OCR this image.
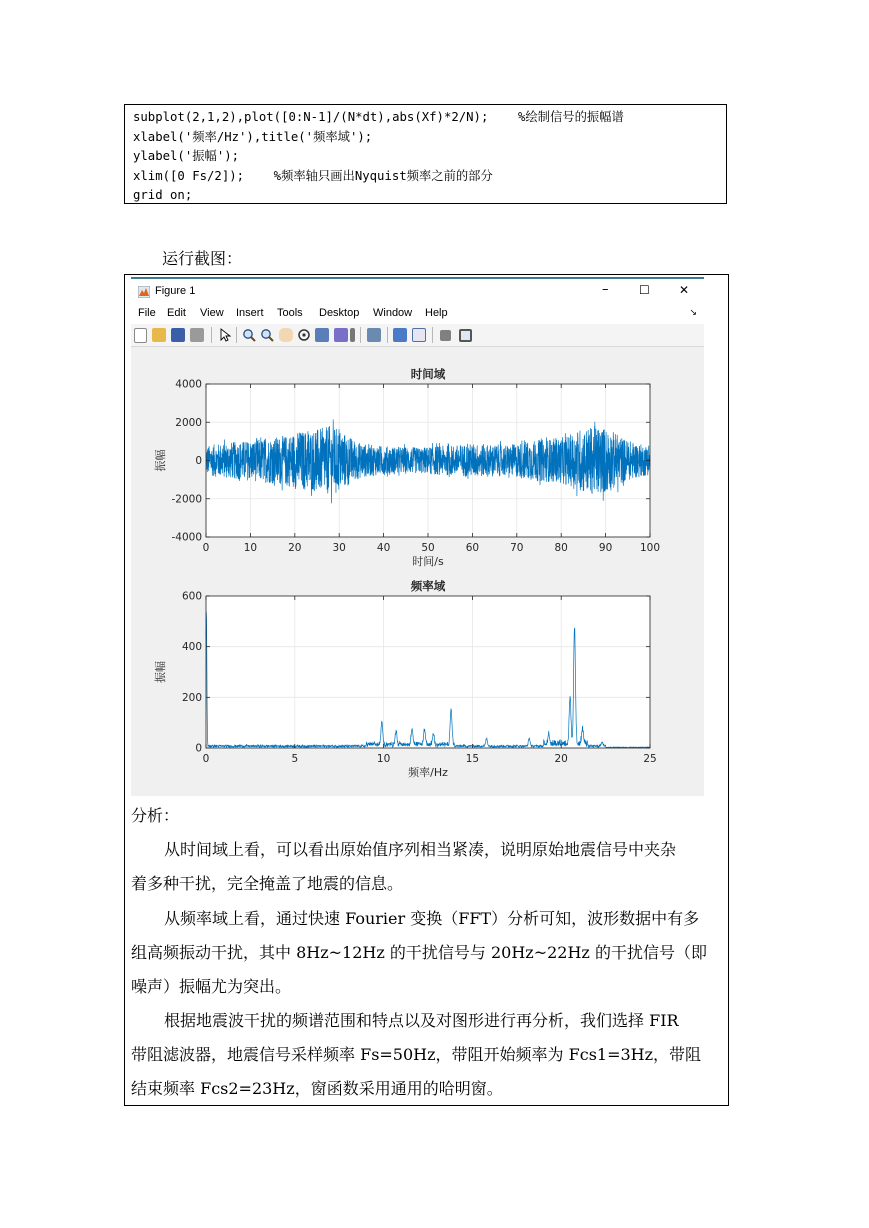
subplot(2,1,2),plot([0:N-1]/(N*dt),abs(Xf)*2/N);    %绘制信号的振幅谱
xlabel('频率/Hz'),title('频率域');
ylabel('振幅');
xlim([0 Fs/2]);    %频率轴只画出Nyquist频率之前的部分
grid on;
运行截图：
Figure 1	–	☐ ✕
File Edit View Insert Tools Desktop Window Help	↘
0	10	20	30	40	50	60	70	80	90	100
-4000
-2000
0
2000
4000
时间域
时间/s
振幅
0	5	10	15	20	25
0
200
400
600
频率域
频率/Hz
振幅
分析：
从时间域上看，可以看出原始值序列相当紧凑，说明原始地震信号中夹杂
着多种干扰，完全掩盖了地震的信息。
从频率域上看，通过快速 Fourier 变换（FFT）分析可知，波形数据中有多
组高频振动干扰，其中 8Hz~12Hz 的干扰信号与 20Hz~22Hz 的干扰信号（即
噪声）振幅尤为突出。
根据地震波干扰的频谱范围和特点以及对图形进行再分析，我们选择 FIR
带阻滤波器，地震信号采样频率 Fs=50Hz，带阻开始频率为 Fcs1=3Hz，带阻
结束频率 Fcs2=23Hz，窗函数采用通用的哈明窗。
